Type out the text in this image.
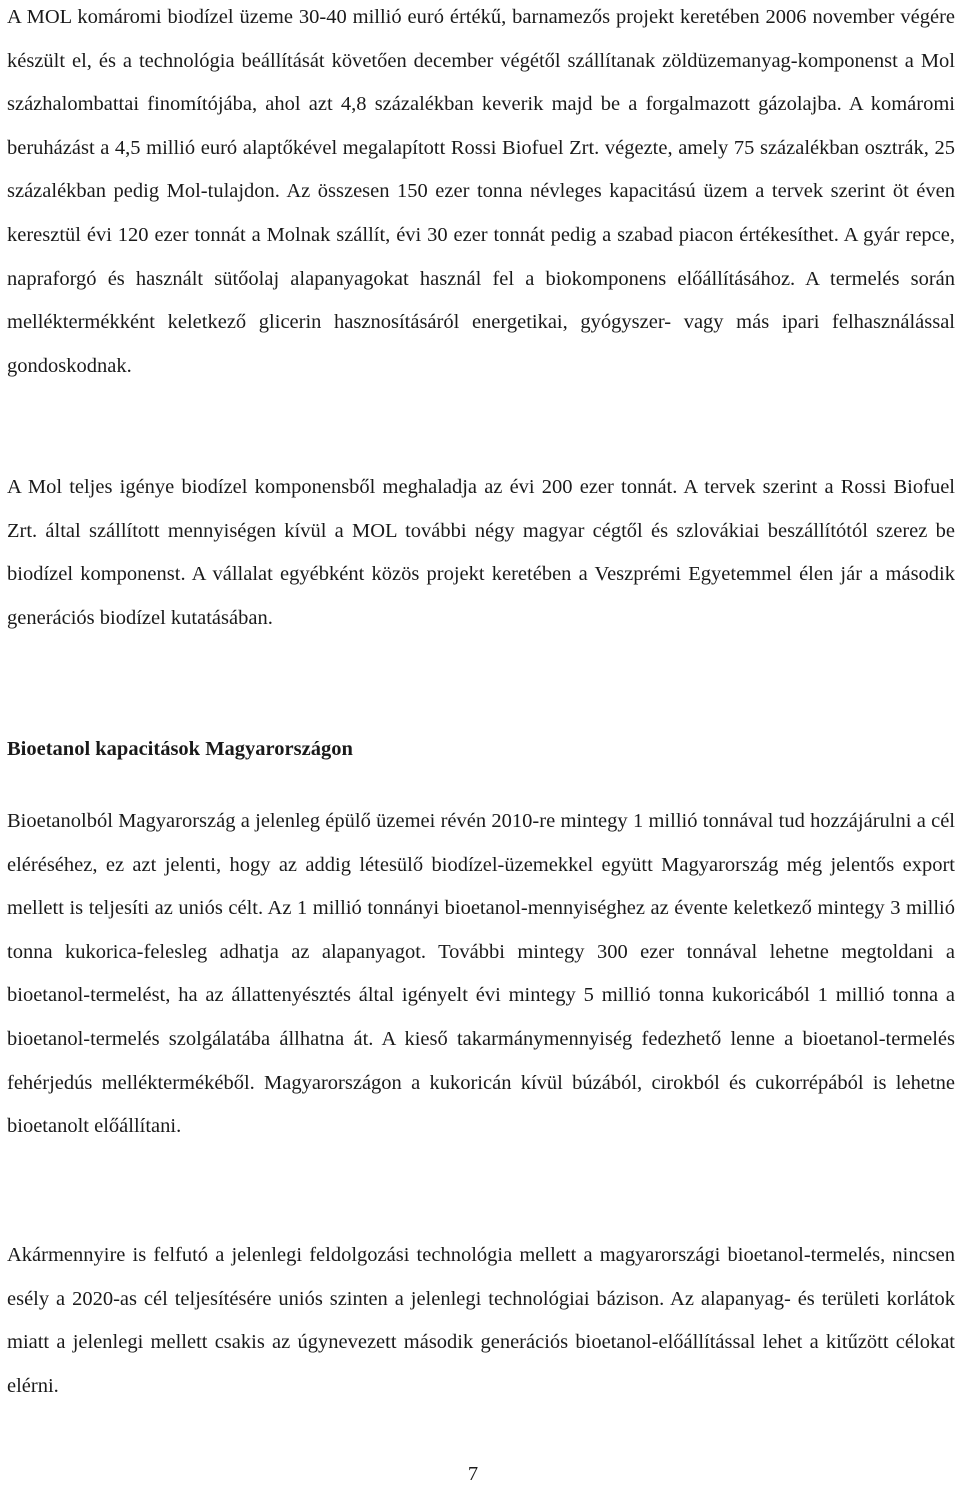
A MOL komáromi biodízel üzeme 30-40 millió euró értékű, barnamezős projekt keretében 2006 november végére készült el, és a technológia beállítását követően december végétől szállítanak zöldüzemanyag-komponenst a Mol százhalombattai finomítójába, ahol azt 4,8 százalékban keverik majd be a forgalmazott gázolajba. A komáromi beruházást a 4,5 millió euró alaptőkével megalapított Rossi Biofuel Zrt. végezte, amely 75 százalékban osztrák, 25 százalékban pedig Mol-tulajdon. Az összesen 150 ezer tonna névleges kapacitású üzem a tervek szerint öt éven keresztül évi 120 ezer tonnát a Molnak szállít, évi 30 ezer tonnát pedig a szabad piacon értékesíthet. A gyár repce, napraforgó és használt sütőolaj alapanyagokat használ fel a biokomponens előállításához. A termelés során melléktermékként keletkező glicerin hasznosításáról energetikai, gyógyszer- vagy más ipari felhasználással gondoskodnak.

A Mol teljes igénye biodízel komponensből meghaladja az évi 200 ezer tonnát. A tervek szerint a Rossi Biofuel Zrt. által szállított mennyiségen kívül a MOL további négy magyar cégtől és szlovákiai beszállítótól szerez be biodízel komponenst. A vállalat egyébként közös projekt keretében a Veszprémi Egyetemmel élen jár a második generációs biodízel kutatásában.

Bioetanol kapacitások Magyarországon

Bioetanolból Magyarország a jelenleg épülő üzemei révén 2010-re mintegy 1 millió tonnával tud hozzájárulni a cél eléréséhez, ez azt jelenti, hogy az addig létesülő biodízel-üzemekkel együtt Magyarország még jelentős export mellett is teljesíti az uniós célt. Az 1 millió tonnányi bioetanol-mennyiséghez az évente keletkező mintegy 3 millió tonna kukorica-felesleg adhatja az alapanyagot. További mintegy 300 ezer tonnával lehetne megtoldani a bioetanol-termelést, ha az állattenyésztés által igényelt évi mintegy 5 millió tonna kukoricából 1 millió tonna a bioetanol-termelés szolgálatába állhatna át. A kieső takarmánymennyiség fedezhető lenne a bioetanol-termelés fehérjedús melléktermékéből. Magyarországon a kukoricán kívül búzából, cirokból és cukorrépából is lehetne bioetanolt előállítani.

Akármennyire is felfutó a jelenlegi feldolgozási technológia mellett a magyarországi bioetanol-termelés, nincsen esély a 2020-as cél teljesítésére uniós szinten a jelenlegi technológiai bázison. Az alapanyag- és területi korlátok miatt a jelenlegi mellett csakis az úgynevezett második generációs bioetanol-előállítással lehet a kitűzött célokat elérni.

7
